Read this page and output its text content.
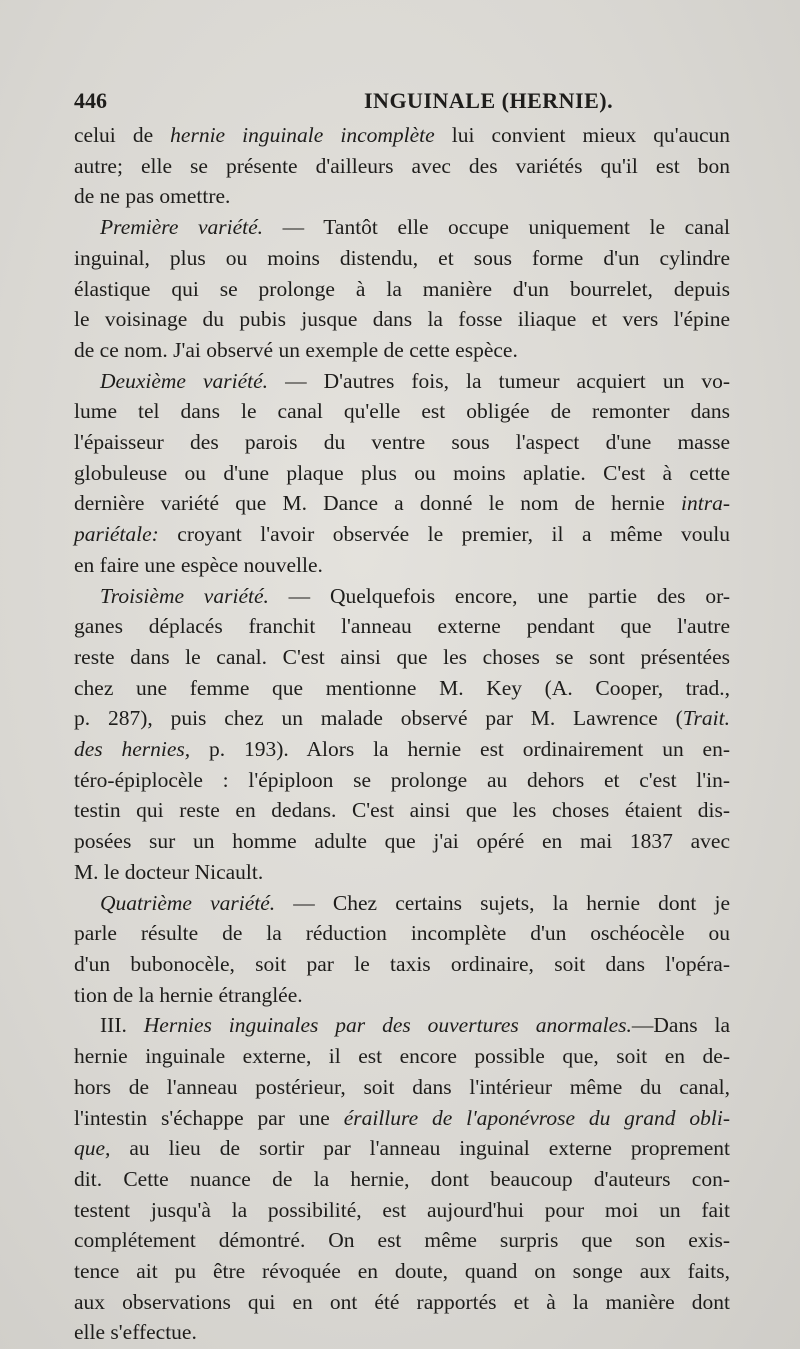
446	INGUINALE (HERNIE).
celui de hernie inguinale incomplète lui convient mieux qu'aucun
autre; elle se présente d'ailleurs avec des variétés qu'il est bon
de ne pas omettre.
Première variété. — Tantôt elle occupe uniquement le canal
inguinal, plus ou moins distendu, et sous forme d'un cylindre
élastique qui se prolonge à la manière d'un bourrelet, depuis
le voisinage du pubis jusque dans la fosse iliaque et vers l'épine
de ce nom. J'ai observé un exemple de cette espèce.
Deuxième variété. — D'autres fois, la tumeur acquiert un vo-
lume tel dans le canal qu'elle est obligée de remonter dans
l'épaisseur des parois du ventre sous l'aspect d'une masse
globuleuse ou d'une plaque plus ou moins aplatie. C'est à cette
dernière variété que M. Dance a donné le nom de hernie intra-
pariétale: croyant l'avoir observée le premier, il a même voulu
en faire une espèce nouvelle.
Troisième variété. — Quelquefois encore, une partie des or-
ganes déplacés franchit l'anneau externe pendant que l'autre
reste dans le canal. C'est ainsi que les choses se sont présentées
chez une femme que mentionne M. Key (A. Cooper, trad.,
p. 287), puis chez un malade observé par M. Lawrence (Trait.
des hernies, p. 193). Alors la hernie est ordinairement un en-
téro-épiplocèle : l'épiploon se prolonge au dehors et c'est l'in-
testin qui reste en dedans. C'est ainsi que les choses étaient dis-
posées sur un homme adulte que j'ai opéré en mai 1837 avec
M. le docteur Nicault.
Quatrième variété. — Chez certains sujets, la hernie dont je
parle résulte de la réduction incomplète d'un oschéocèle ou
d'un bubonocèle, soit par le taxis ordinaire, soit dans l'opéra-
tion de la hernie étranglée.
III. Hernies inguinales par des ouvertures anormales.—Dans la
hernie inguinale externe, il est encore possible que, soit en de-
hors de l'anneau postérieur, soit dans l'intérieur même du canal,
l'intestin s'échappe par une éraillure de l'aponévrose du grand obli-
que, au lieu de sortir par l'anneau inguinal externe proprement
dit. Cette nuance de la hernie, dont beaucoup d'auteurs con-
testent jusqu'à la possibilité, est aujourd'hui pour moi un fait
complétement démontré. On est même surpris que son exis-
tence ait pu être révoquée en doute, quand on songe aux faits,
aux observations qui en ont été rapportés et à la manière dont
elle s'effectue.
